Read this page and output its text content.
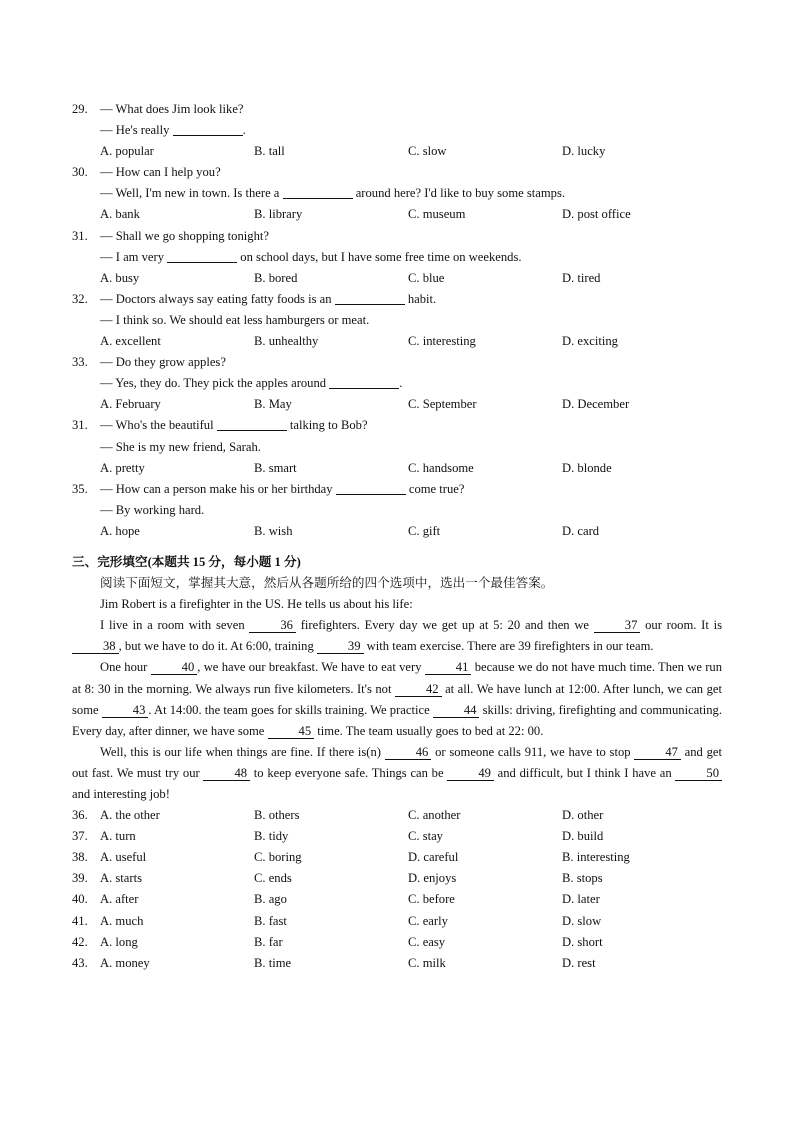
29. — What does Jim look like?
— He's really	.
A. popular	B. tall	C. slow	D. lucky
30. — How can I help you?
— Well, I'm new in town. Is there a	around here? I'd like to buy some stamps.
A. bank	B. library	C. museum	D. post office
31. — Shall we go shopping tonight?
— I am very	on school days, but I have some free time on weekends.
A. busy	B. bored	C. blue	D. tired
32. — Doctors always say eating fatty foods is an	habit.
— I think so. We should eat less hamburgers or meat.
A. excellent	B. unhealthy	C. interesting	D. exciting
33. — Do they grow apples?
— Yes, they do. They pick the apples around	.
A. February	B. May	C. September	D. December
31. — Who's the beautiful	talking to Bob?
— She is my new friend, Sarah.
A. pretty	B. smart	C. handsome	D. blonde
35. — How can a person make his or her birthday	come true?
— By working hard.
A. hope	B. wish	C. gift	D. card
三、完形填空(本题共 15 分，每小题 1 分)
阅读下面短文，掌握其大意，然后从各题所给的四个选项中，选出一个最佳答案。
Jim Robert is a firefighter in the US. He tells us about his life:
I live in a room with seven 36 firefighters. Every day we get up at 5: 20 and then we 37 our room. It is 38 , but we have to do it. At 6:00, training 39 with team exercise. There are 39 firefighters in our team.
One hour 40 , we have our breakfast. We have to eat very 41 because we do not have much time. Then we run at 8: 30 in the morning. We always run five kilometers. It's not 42 at all. We have lunch at 12:00. After lunch, we can get some 43 . At 14:00. the team goes for skills training. We practice 44 skills: driving, firefighting and communicating. Every day, after dinner, we have some 45 time. The team usually goes to bed at 22: 00.
Well, this is our life when things are fine. If there is(n) 46 or someone calls 911, we have to stop 47 and get out fast. We must try our 48 to keep everyone safe. Things can be 49 and difficult, but I think I have an 50 and interesting job!
36. A. the other	B. others	C. another	D. other
37. A. turn	B. tidy	C. stay	D. build
38. A. useful	C. boring	D. careful	B. interesting
39. A. starts	C. ends	D. enjoys	B. stops
40. A. after	B. ago	C. before	D. later
41. A. much	B. fast	C. early	D. slow
42. A. long	B. far	C. easy	D. short
43. A. money	B. time	C. milk	D. rest
